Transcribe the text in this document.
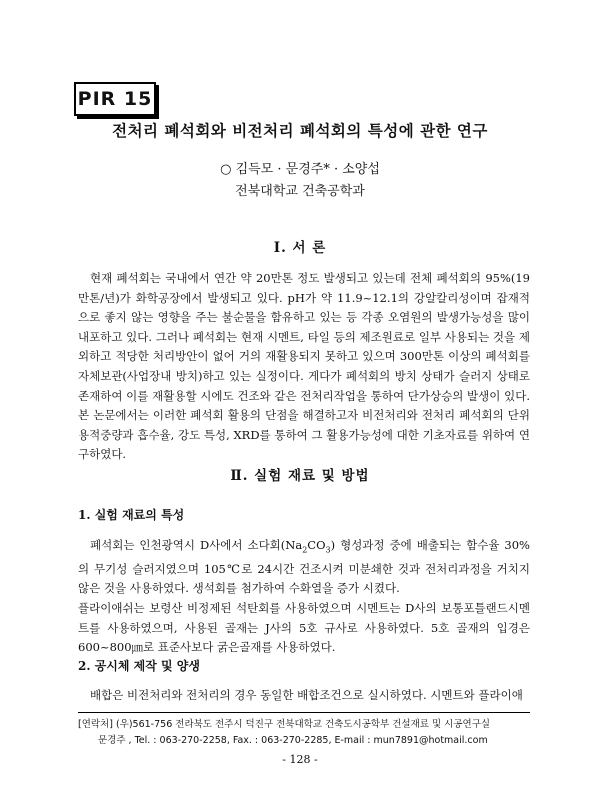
PIR 15
전처리 폐석회와 비전처리 폐석회의 특성에 관한 연구
○ 김득모 · 문경주* · 소양섭
전북대학교 건축공학과
Ⅰ. 서 론

현재 폐석회는 국내에서 연간 약 20만톤 정도 발생되고 있는데 전체 폐석회의 95%(19만톤/년)가 화학공장에서 발생되고 있다. pH가 약 11.9~12.1의 강알칼리성이며 잡재적으로 좋지 않는 영향을 주는 불순물을 함유하고 있는 등 각종 오염원의 발생가능성을 많이 내포하고 있다. 그러나 폐석회는 현재 시멘트, 타일 등의 제조원료로 일부 사용되는 것을 제외하고 적당한 처리방안이 없어 거의 재활용되지 못하고 있으며 300만톤 이상의 폐석회를 자체보관(사업장내 방치)하고 있는 실정이다. 게다가 폐석회의 방치 상태가 슬러지 상태로 존재하여 이를 재활용할 시에도 건조와 같은 전처리작업을 통하여 단가상승의 발생이 있다. 본 논문에서는 이러한 폐석회 활용의 단점을 해결하고자 비전처리와 전처리 폐석회의 단위용적중량과 흡수율, 강도 특성, XRD를 통하여 그 활용가능성에 대한 기초자료를 위하여 연구하였다.

Ⅱ. 실험 재료 및 방법
1. 실험 재료의 특성

폐석회는 인천광역시 D사에서 소다회$(Na_2CO_3)$ 형성과정 중에 배출되는 함수율 30%의 무기성 슬러지였으며 105℃로 24시간 건조시켜 미분쇄한 것과 전처리과정을 거치지 않은 것을 사용하였다. 생석회를 첨가하여 수화열을 증가 시켰다.

플라이애쉬는 보령산 비정제된 석탄회를 사용하였으며 시멘트는 D사의 보통포틀랜드시멘트를 사용하였으며, 사용된 골재는 J사의 5호 규사로 사용하였다. 5호 골재의 입경은 600~800㎛로 표준사보다 굵은골재를 사용하였다.

2. 공시체 제작 및 양생

배합은 비전처리와 전처리의 경우 동일한 배합조건으로 실시하였다. 시멘트와 플라이애

[연락처] (우)561-756 전라북도 전주시 덕진구 전북대학교 건축도시공학부 건설재료 및 시공연구실
문경주 , Tel. : 063-270-2258, Fax. : 063-270-2285, E-mail : mun7891@hotmail.com
- 128 -
